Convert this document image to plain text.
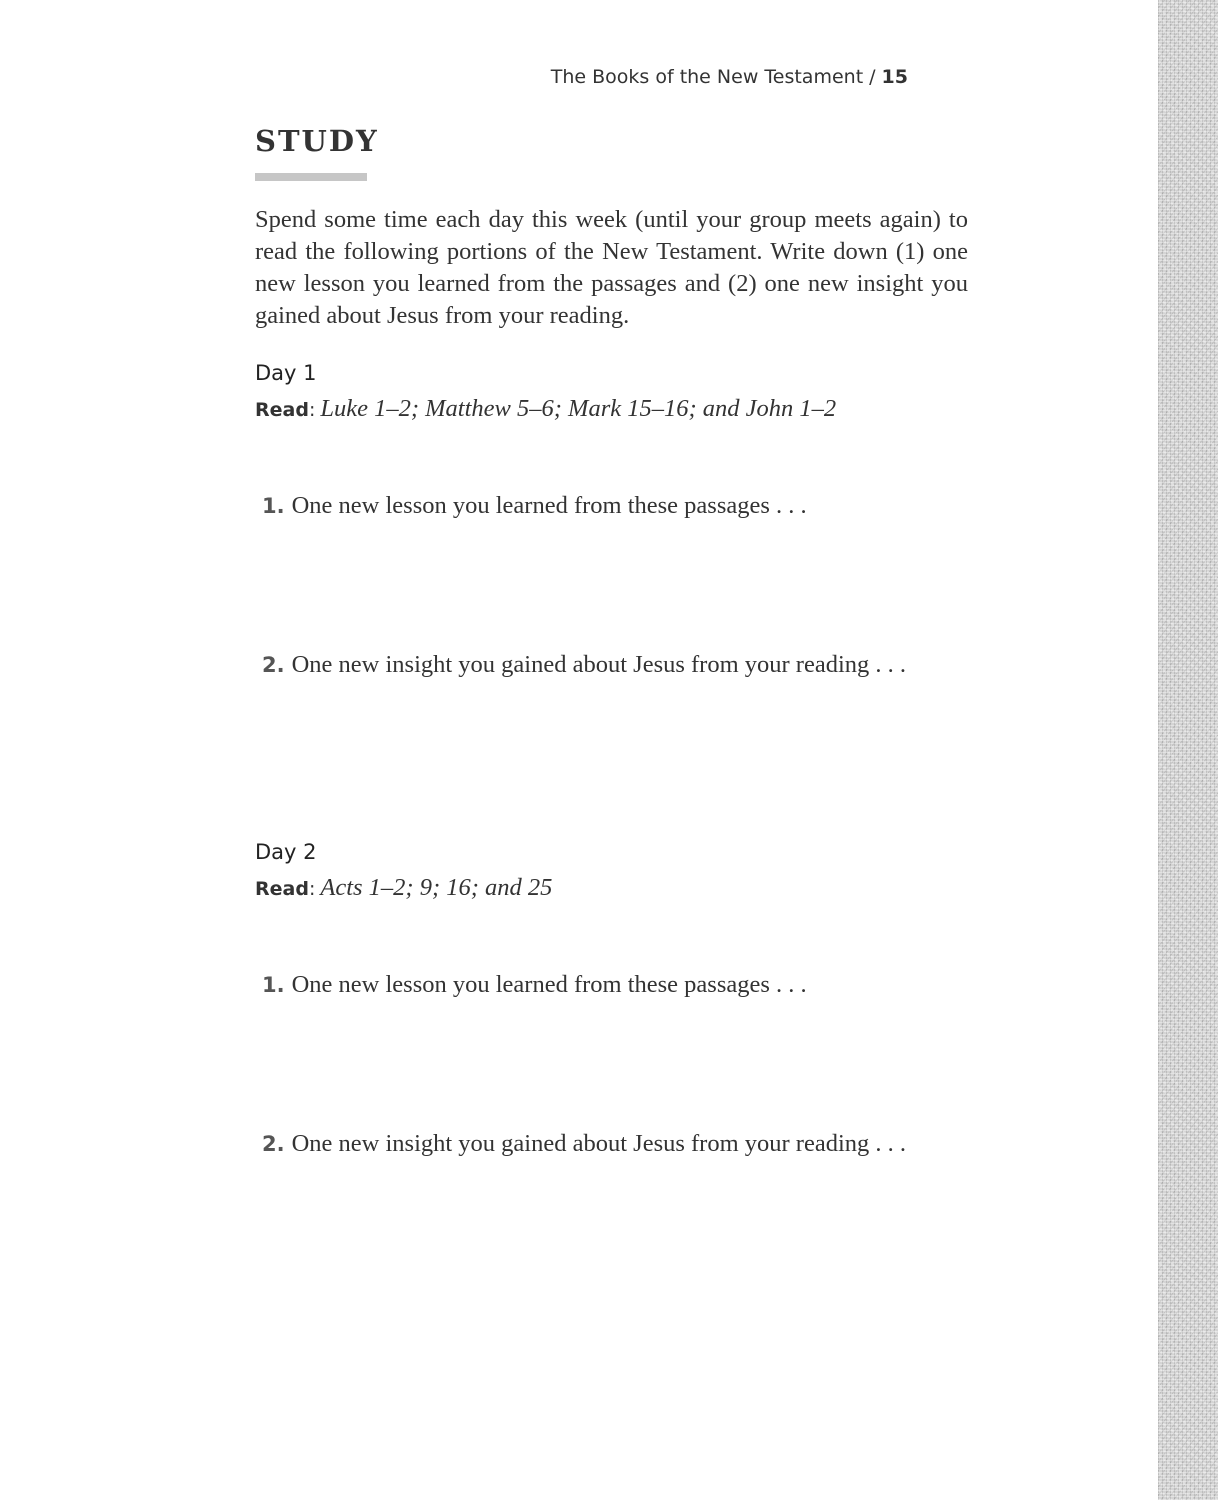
The Books of the New Testament / 15
STUDY

Spend some time each day this week (until your group meets again) to read the following portions of the New Testament. Write down (1) one new lesson you learned from the passages and (2) one new insight you gained about Jesus from your reading.

Day 1
Read: Luke 1–2; Matthew 5–6; Mark 15–16; and John 1–2
1. One new lesson you learned from these passages . . .
2. One new insight you gained about Jesus from your reading . . .
Day 2
Read: Acts 1–2; 9; 16; and 25
1. One new lesson you learned from these passages . . .
2. One new insight you gained about Jesus from your reading . . .
